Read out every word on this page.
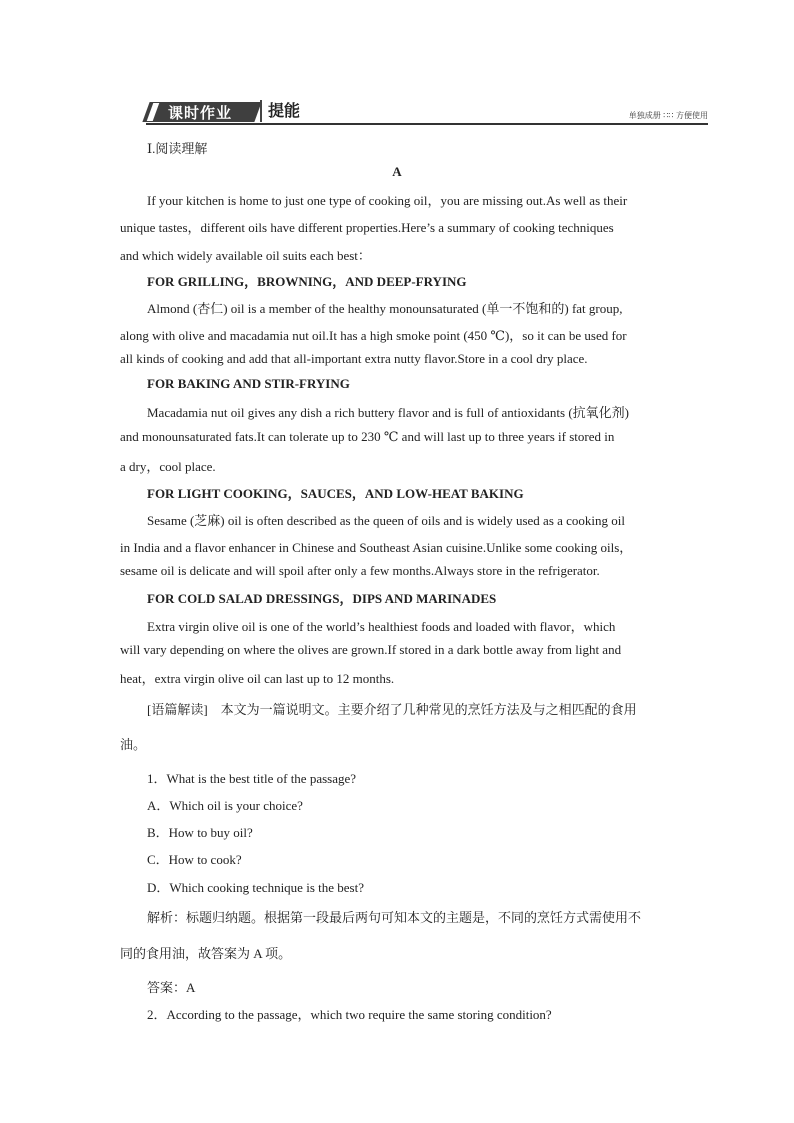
课时作业	提能	单独成册 ∷∷ 方便使用
Ⅰ.阅读理解
A
If your kitchen is home to just one type of cooking oil，you are missing out.As well as their
unique tastes，different oils have different properties.Here’s a summary of cooking techniques
and which widely available oil suits each best：
FOR GRILLING，BROWNING，AND DEEP-FRYING
Almond (杏仁) oil is a member of the healthy monounsaturated (单一不饱和的) fat group,
along with olive and macadamia nut oil.It has a high smoke point (450 ℃)，so it can be used for
all kinds of cooking and add that all-important extra nutty flavor.Store in a cool dry place.
FOR BAKING AND STIR-FRYING
Macadamia nut oil gives any dish a rich buttery flavor and is full of antioxidants (抗氧化剂)
and monounsaturated fats.It can tolerate up to 230 ℃ and will last up to three years if stored in
a dry，cool place.
FOR LIGHT COOKING，SAUCES，AND LOW-HEAT BAKING
Sesame (芝麻) oil is often described as the queen of oils and is widely used as a cooking oil
in India and a flavor enhancer in Chinese and Southeast Asian cuisine.Unlike some cooking oils，
sesame oil is delicate and will spoil after only a few months.Always store in the refrigerator.
FOR COLD SALAD DRESSINGS，DIPS AND MARINADES
Extra virgin olive oil is one of the world’s healthiest foods and loaded with flavor，which
will vary depending on where the olives are grown.If stored in a dark bottle away from light and
heat，extra virgin olive oil can last up to 12 months.
[语篇解读]　本文为一篇说明文。主要介绍了几种常见的烹饪方法及与之相匹配的食用
油。
1．What is the best title of the passage?
A．Which oil is your choice?
B．How to buy oil?
C．How to cook?
D．Which cooking technique is the best?
解析：标题归纳题。根据第一段最后两句可知本文的主题是，不同的烹饪方式需使用不
同的食用油，故答案为 A 项。
答案：A
2．According to the passage，which two require the same storing condition?
